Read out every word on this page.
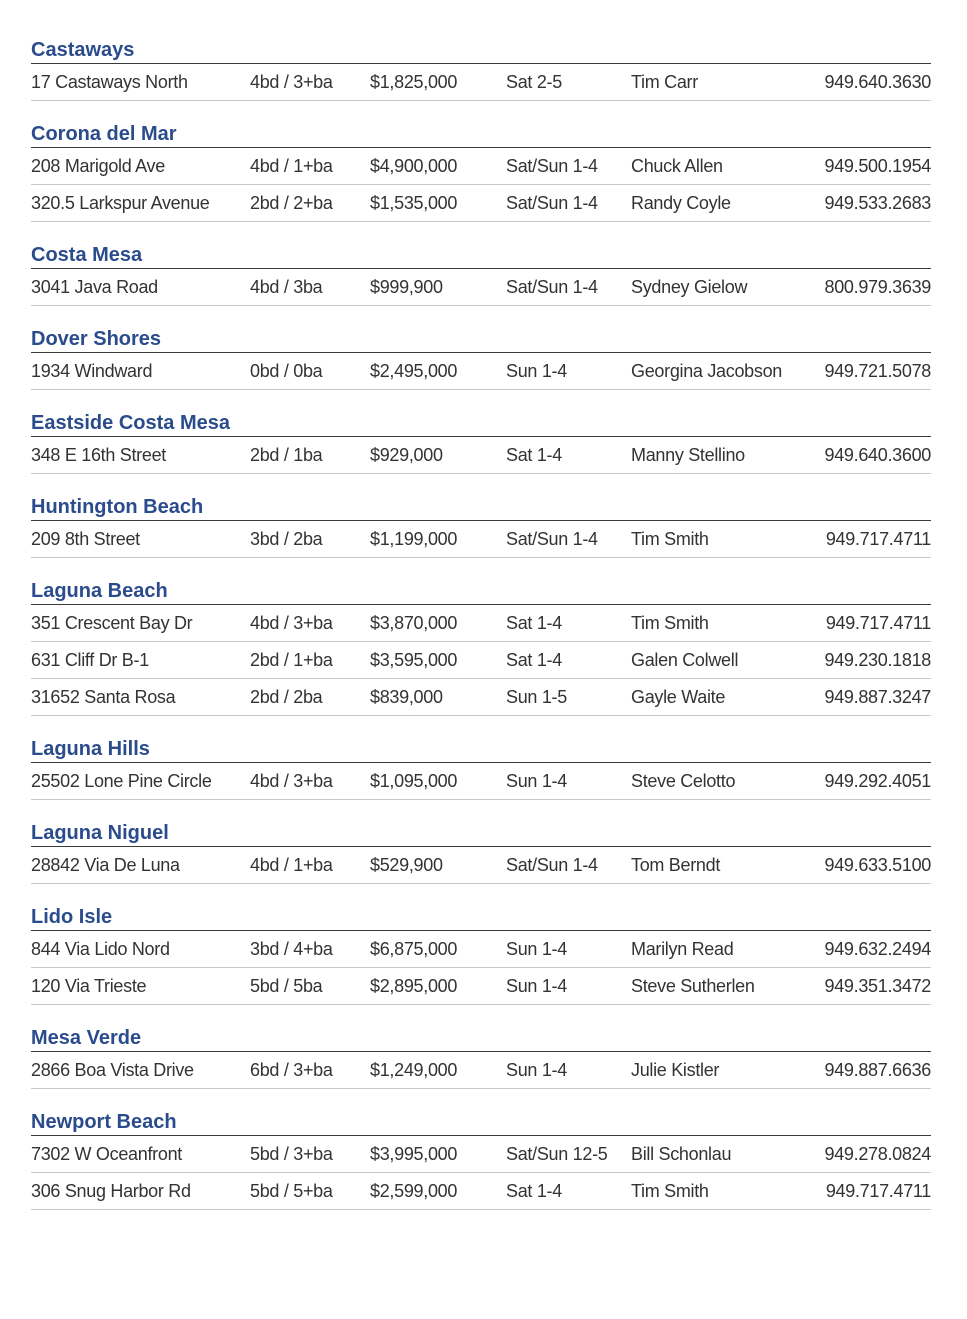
Castaways
17 Castaways North	4bd / 3+ba $1,825,000	Sat 2-5	Tim Carr	949.640.3630
Corona del Mar
208 Marigold Ave	4bd / 1+ba $4,900,000	Sat/Sun 1-4 Chuck Allen	949.500.1954
320.5 Larkspur Avenue 2bd / 2+ba $1,535,000	Sat/Sun 1-4 Randy Coyle	949.533.2683
Costa Mesa
3041 Java Road	4bd / 3ba	$999,900	Sat/Sun 1-4 Sydney Gielow	800.979.3639
Dover Shores
1934 Windward	0bd / 0ba	$2,495,000	Sun 1-4	Georgina Jacobson 949.721.5078
Eastside Costa Mesa
348 E 16th Street	2bd / 1ba	$929,000	Sat 1-4	Manny Stellino	949.640.3600
Huntington Beach
209 8th Street	3bd / 2ba	$1,199,000	Sat/Sun 1-4 Tim Smith	949.717.4711
Laguna Beach
351 Crescent Bay Dr	4bd / 3+ba $3,870,000	Sat 1-4	Tim Smith	949.717.4711
631 Cliff Dr B-1	2bd / 1+ba $3,595,000	Sat 1-4	Galen Colwell	949.230.1818
31652 Santa Rosa	2bd / 2ba	$839,000	Sun 1-5	Gayle Waite	949.887.3247
Laguna Hills
25502 Lone Pine Circle 4bd / 3+ba $1,095,000	Sun 1-4	Steve Celotto	949.292.4051
Laguna Niguel
28842 Via De Luna	4bd / 1+ba $529,900	Sat/Sun 1-4 Tom Berndt	949.633.5100
Lido Isle
844 Via Lido Nord	3bd / 4+ba $6,875,000	Sun 1-4	Marilyn Read	949.632.2494
120 Via Trieste	5bd / 5ba	$2,895,000	Sun 1-4	Steve Sutherlen	949.351.3472
Mesa Verde
2866 Boa Vista Drive	6bd / 3+ba $1,249,000	Sun 1-4	Julie Kistler	949.887.6636
Newport Beach
7302 W Oceanfront	5bd / 3+ba $3,995,000	Sat/Sun 12-5 Bill Schonlau	949.278.0824
306 Snug Harbor Rd	5bd / 5+ba $2,599,000	Sat 1-4	Tim Smith	949.717.4711
